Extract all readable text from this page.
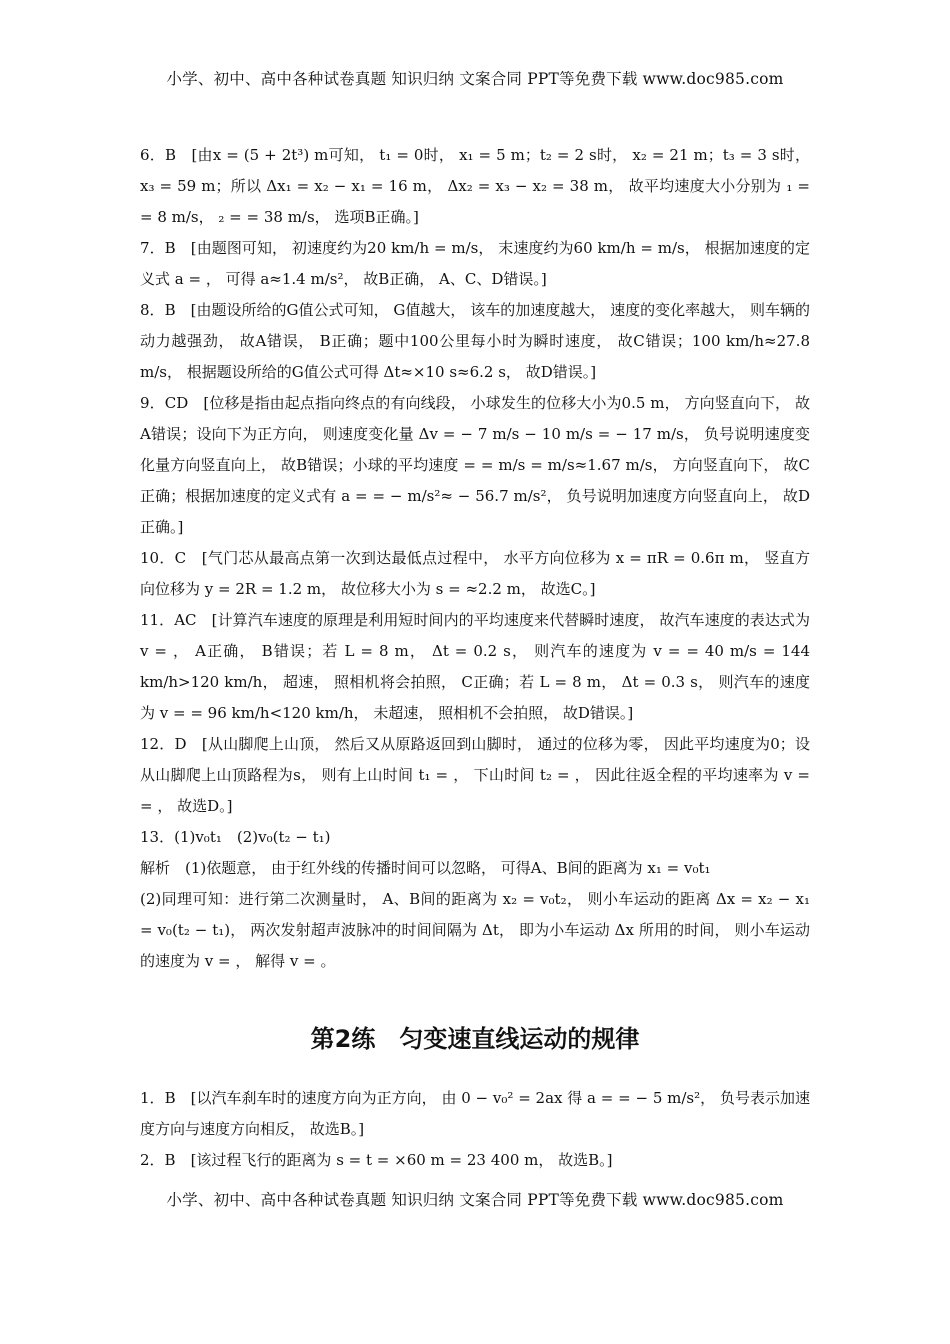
小学、初中、高中各种试卷真题 知识归纳 文案合同 PPT等免费下载 www.doc985.com

6．B　[由x = (5 + 2t³) m可知， t₁ = 0时， x₁ = 5 m；t₂ = 2 s时， x₂ = 21 m；t₃ = 3 s时， x₃ = 59 m；所以 Δx₁ = x₂ − x₁ = 16 m， Δx₂ = x₃ − x₂ = 38 m， 故平均速度大小分别为 ₁ = = 8 m/s， ₂ = = 38 m/s， 选项B正确。]

7．B　[由题图可知， 初速度约为20 km/h = m/s， 末速度约为60 km/h = m/s， 根据加速度的定义式 a = ， 可得 a≈1.4 m/s²， 故B正确， A、C、D错误。]

8．B　[由题设所给的G值公式可知， G值越大， 该车的加速度越大， 速度的变化率越大， 则车辆的动力越强劲， 故A错误， B正确；题中100公里每小时为瞬时速度， 故C错误；100 km/h≈27.8 m/s， 根据题设所给的G值公式可得 Δt≈×10 s≈6.2 s， 故D错误。]

9．CD　[位移是指由起点指向终点的有向线段， 小球发生的位移大小为0.5 m， 方向竖直向下， 故A错误；设向下为正方向， 则速度变化量 Δv = − 7 m/s − 10 m/s = − 17 m/s， 负号说明速度变化量方向竖直向上， 故B错误；小球的平均速度 = = m/s = m/s≈1.67 m/s， 方向竖直向下， 故C正确；根据加速度的定义式有 a = = − m/s²≈ − 56.7 m/s²， 负号说明加速度方向竖直向上， 故D正确。]

10．C　[气门芯从最高点第一次到达最低点过程中， 水平方向位移为 x = πR = 0.6π m， 竖直方向位移为 y = 2R = 1.2 m， 故位移大小为 s = ≈2.2 m， 故选C。]

11．AC　[计算汽车速度的原理是利用短时间内的平均速度来代替瞬时速度， 故汽车速度的表达式为 v = ， A正确， B错误；若 L = 8 m， Δt = 0.2 s， 则汽车的速度为 v = = 40 m/s = 144 km/h>120 km/h， 超速， 照相机将会拍照， C正确；若 L = 8 m， Δt = 0.3 s， 则汽车的速度为 v = = 96 km/h<120 km/h， 未超速， 照相机不会拍照， 故D错误。]

12．D　[从山脚爬上山顶， 然后又从原路返回到山脚时， 通过的位移为零， 因此平均速度为0；设从山脚爬上山顶路程为s， 则有上山时间 t₁ = ， 下山时间 t₂ = ， 因此往返全程的平均速率为 v = = ， 故选D。]

13．(1)v₀t₁　(2)v₀(t₂ − t₁)

解析　(1)依题意， 由于红外线的传播时间可以忽略， 可得A、B间的距离为 x₁ = v₀t₁

(2)同理可知：进行第二次测量时， A、B间的距离为 x₂ = v₀t₂， 则小车运动的距离 Δx = x₂ − x₁ = v₀(t₂ − t₁)， 两次发射超声波脉冲的时间间隔为 Δt， 即为小车运动 Δx 所用的时间， 则小车运动的速度为 v = ， 解得 v = 。

第2练　匀变速直线运动的规律

1．B　[以汽车刹车时的速度方向为正方向， 由 0 − v₀² = 2ax 得 a = = − 5 m/s²， 负号表示加速度方向与速度方向相反， 故选B。]

2．B　[该过程飞行的距离为 s = t = ×60 m = 23 400 m， 故选B。]

小学、初中、高中各种试卷真题 知识归纳 文案合同 PPT等免费下载 www.doc985.com
